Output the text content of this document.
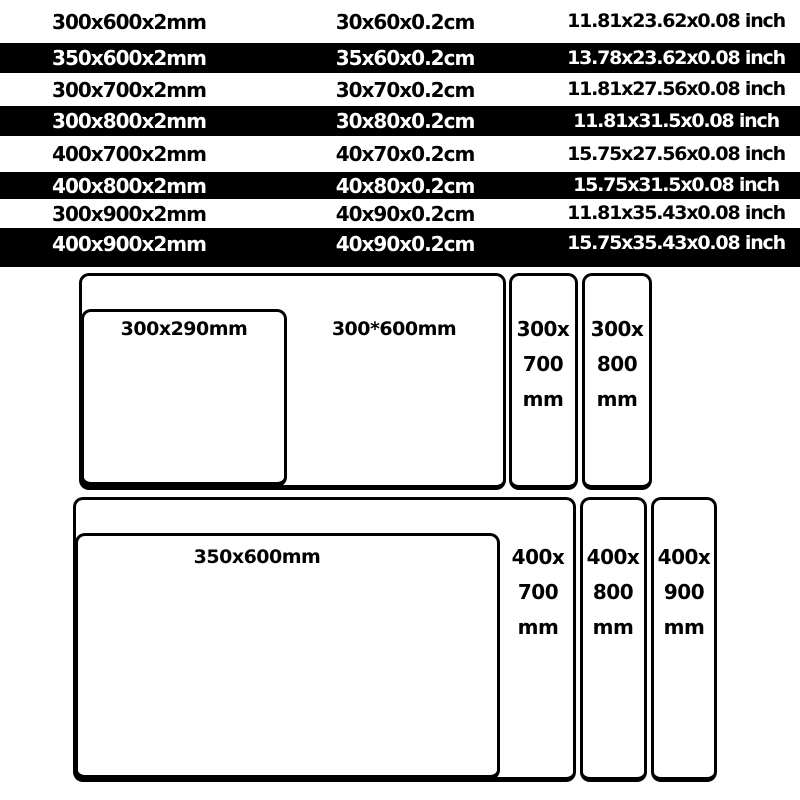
300x600x2mm	30x60x0.2cm	11.81x23.62x0.08 inch
350x600x2mm	35x60x0.2cm	13.78x23.62x0.08 inch
300x700x2mm	30x70x0.2cm	11.81x27.56x0.08 inch
300x800x2mm	30x80x0.2cm	11.81x31.5x0.08 inch
400x700x2mm	40x70x0.2cm	15.75x27.56x0.08 inch
400x800x2mm	40x80x0.2cm	15.75x31.5x0.08 inch
300x900x2mm	40x90x0.2cm	11.81x35.43x0.08 inch
400x900x2mm	40x90x0.2cm	15.75x35.43x0.08 inch
300x290mm	300*600mm	300x
700
mm
300x
800
mm
350x600mm	400x
700
mm
400x
800
mm
400x
900
mm
